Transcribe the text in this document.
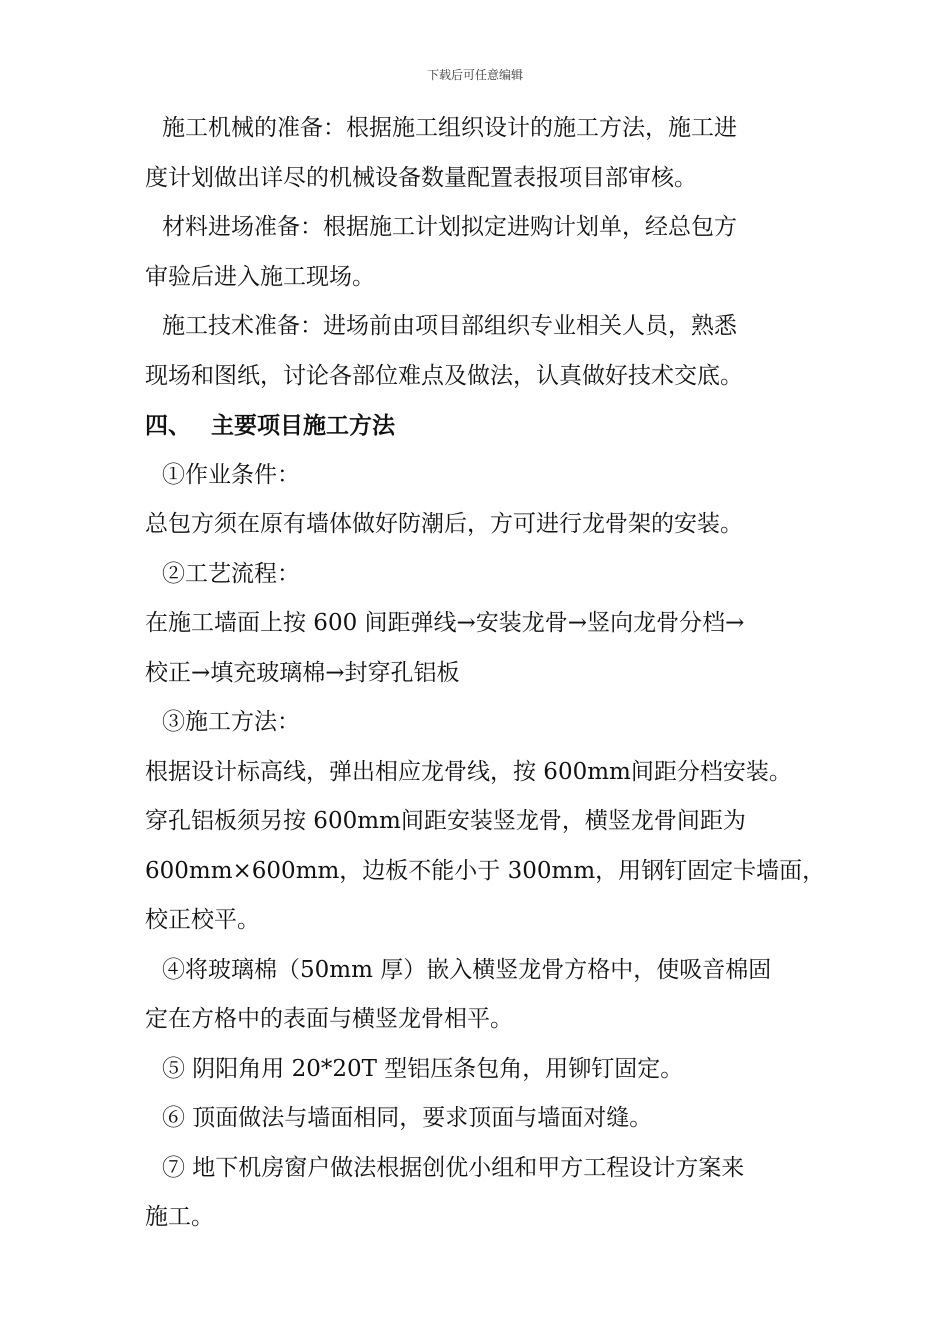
下载后可任意编辑
施工机械的准备：根据施工组织设计的施工方法，施工进
度计划做出详尽的机械设备数量配置表报项目部审核。
材料进场准备：根据施工计划拟定进购计划单，经总包方
审验后进入施工现场。
施工技术准备：进场前由项目部组织专业相关人员，熟悉
现场和图纸，讨论各部位难点及做法，认真做好技术交底。
四、 主要项目施工方法
①作业条件：
总包方须在原有墙体做好防潮后，方可进行龙骨架的安装。
②工艺流程：
在施工墙面上按 600 间距弹线→安装龙骨→竖向龙骨分档→
校正→填充玻璃棉→封穿孔铝板
③施工方法：
根据设计标高线，弹出相应龙骨线，按 600mm间距分档安装。
穿孔铝板须另按 600mm间距安装竖龙骨，横竖龙骨间距为
600mm×600mm，边板不能小于 300mm，用钢钉固定卡墙面，
校正校平。
④将玻璃棉（50mm 厚）嵌入横竖龙骨方格中，使吸音棉固
定在方格中的表面与横竖龙骨相平。
⑤ 阴阳角用 20*20T 型铝压条包角，用铆钉固定。
⑥ 顶面做法与墙面相同，要求顶面与墙面对缝。
⑦ 地下机房窗户做法根据创优小组和甲方工程设计方案来
施工。
